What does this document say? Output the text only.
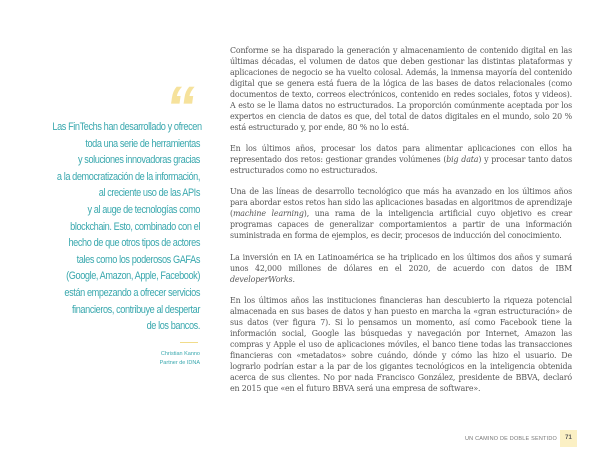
“
Las FinTechs han desarrollado y ofrecen
toda una serie de herramientas
y soluciones innovadoras gracias
a la democratización de la información,
al creciente uso de las APIs
y al auge de tecnologías como
blockchain. Esto, combinado con el
hecho de que otros tipos de actores
tales como los poderosos GAFAs
(Google, Amazon, Apple, Facebook)
están empezando a ofrecer servicios
financieros, contribuye al despertar
de los bancos.
Christian Kanno
Partner de IDNA

Conforme se ha disparado la generación y almacenamiento de contenido digital en las últimas décadas, el volumen de datos que deben gestionar las distintas plataformas y aplicaciones de negocio se ha vuelto colosal. Además, la inmensa mayoría del contenido digital que se genera está fuera de la lógica de las bases de datos relacionales (como documentos de texto, correos electrónicos, contenido en redes sociales, fotos y videos). A esto se le llama datos no estructurados. La proporción comúnmente aceptada por los expertos en ciencia de datos es que, del total de datos digitales en el mundo, solo 20 % está estructurado y, por ende, 80 % no lo está.

En los últimos años, procesar los datos para alimentar aplicaciones con ellos ha representado dos retos: gestionar grandes volúmenes (big data) y procesar tanto datos estructurados como no estructurados.

Una de las líneas de desarrollo tecnológico que más ha avanzado en los últimos años para abordar estos retos han sido las aplicaciones basadas en algoritmos de aprendizaje (machine learning), una rama de la inteligencia artificial cuyo objetivo es crear programas capaces de generalizar comportamientos a partir de una información suministrada en forma de ejemplos, es decir, procesos de inducción del conocimiento.

La inversión en IA en Latinoamérica se ha triplicado en los últimos dos años y sumará unos 42,000 millones de dólares en el 2020, de acuerdo con datos de IBM developerWorks.

En los últimos años las instituciones financieras han descubierto la riqueza potencial almacenada en sus bases de datos y han puesto en marcha la «gran estructuración» de sus datos (ver figura 7). Si lo pensamos un momento, así como Facebook tiene la información social, Google las búsquedas y navegación por Internet, Amazon las compras y Apple el uso de aplicaciones móviles, el banco tiene todas las transacciones financieras con «metadatos» sobre cuándo, dónde y cómo las hizo el usuario. De lograrlo podrían estar a la par de los gigantes tecnológicos en la inteligencia obtenida acerca de sus clientes. No por nada Francisco González, presidente de BBVA, declaró en 2015 que «en el futuro BBVA será una empresa de software».

UN CAMINO DE DOBLE SENTIDO	71
